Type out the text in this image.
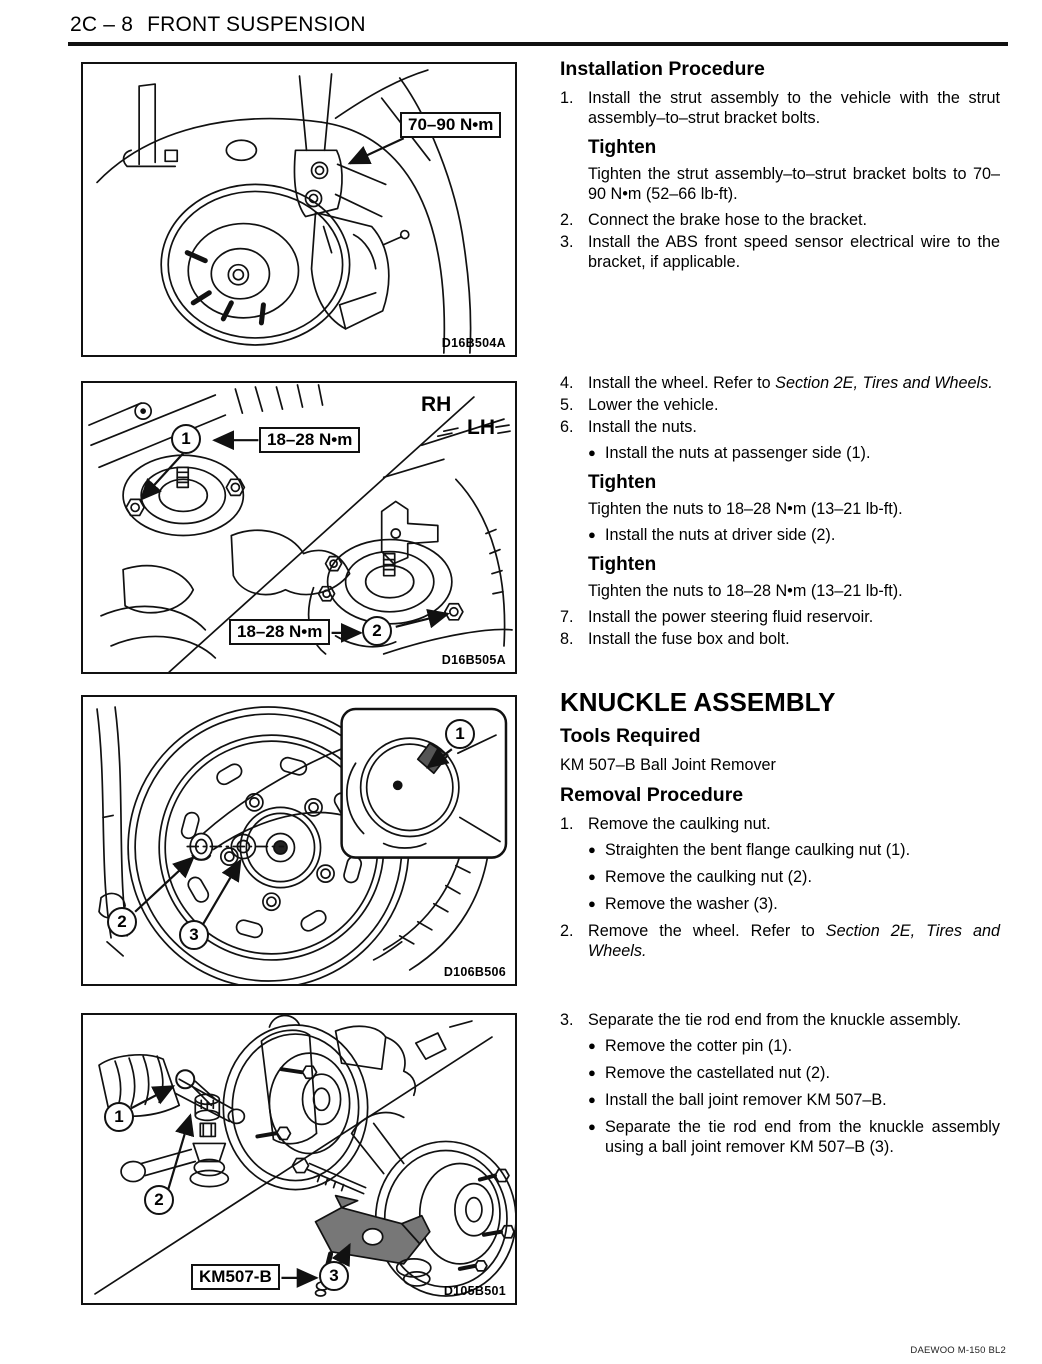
2C – 8 FRONT SUSPENSION
70–90 N•m
D16B504A
RH
LH
1	18–28 N•m
18–28 N•m	2
D16B505A
1
2
3
D106B506
1
2
KM507-B	3
D105B501
Installation Procedure
1. Install the strut assembly to the vehicle with the strut assembly–to–strut bracket bolts.
Tighten

Tighten the strut assembly–to–strut bracket bolts to 70–90 N•m (52–66 lb-ft).

2. Connect the brake hose to the bracket.
3. Install the ABS front speed sensor electrical wire to the bracket, if applicable.
4. Install the wheel. Refer to Section 2E, Tires and Wheels.
5. Lower the vehicle.
6. Install the nuts.
● Install the nuts at passenger side (1).
Tighten

Tighten the nuts to 18–28 N•m (13–21 lb-ft).

● Install the nuts at driver side (2).
Tighten

Tighten the nuts to 18–28 N•m (13–21 lb-ft).

7. Install the power steering fluid reservoir.
8. Install the fuse box and bolt.
KNUCKLE ASSEMBLY
Tools Required

KM 507–B Ball Joint Remover

Removal Procedure
1. Remove the caulking nut.
● Straighten the bent flange caulking nut (1).
● Remove the caulking nut (2).
● Remove the washer (3).
2. Remove the wheel. Refer to Section 2E, Tires and Wheels.
3. Separate the tie rod end from the knuckle assembly.
● Remove the cotter pin (1).
● Remove the castellated nut (2).
● Install the ball joint remover KM 507–B.
● Separate the tie rod end from the knuckle assembly using a ball joint remover KM 507–B (3).
DAEWOO M-150 BL2
